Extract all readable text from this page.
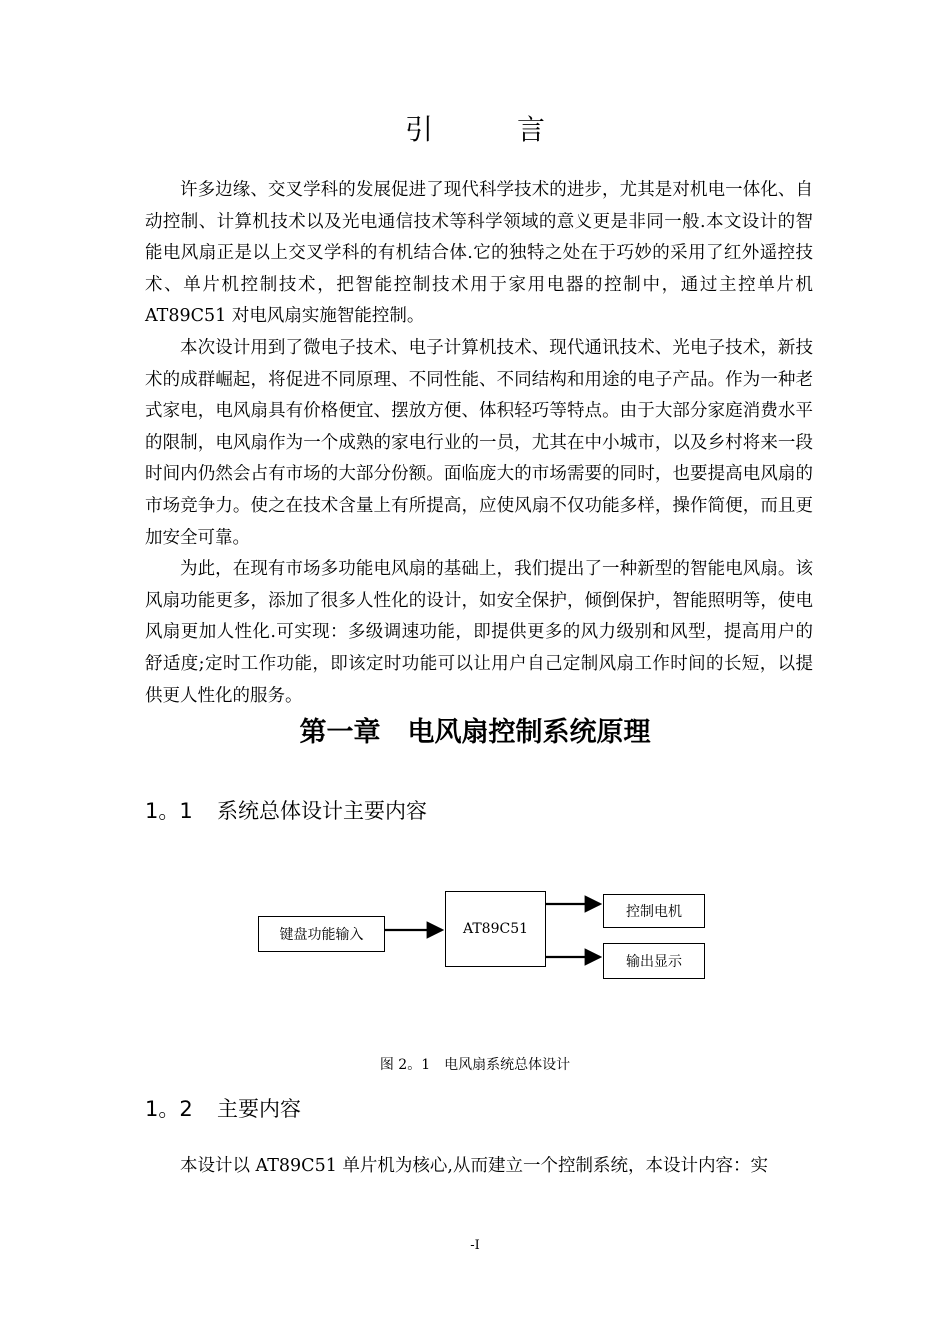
引　言

许多边缘、交叉学科的发展促进了现代科学技术的进步，尤其是对机电一体化、自动控制、计算机技术以及光电通信技术等科学领域的意义更是非同一般.本文设计的智能电风扇正是以上交叉学科的有机结合体.它的独特之处在于巧妙的采用了红外遥控技术、单片机控制技术，把智能控制技术用于家用电器的控制中，通过主控单片机 AT89C51 对电风扇实施智能控制。

本次设计用到了微电子技术、电子计算机技术、现代通讯技术、光电子技术，新技术的成群崛起，将促进不同原理、不同性能、不同结构和用途的电子产品。作为一种老式家电，电风扇具有价格便宜、摆放方便、体积轻巧等特点。由于大部分家庭消费水平的限制，电风扇作为一个成熟的家电行业的一员，尤其在中小城市，以及乡村将来一段时间内仍然会占有市场的大部分份额。面临庞大的市场需要的同时，也要提高电风扇的市场竞争力。使之在技术含量上有所提高，应使风扇不仅功能多样，操作简便，而且更加安全可靠。

为此，在现有市场多功能电风扇的基础上，我们提出了一种新型的智能电风扇。该风扇功能更多，添加了很多人性化的设计，如安全保护，倾倒保护，智能照明等，使电风扇更加人性化.可实现：多级调速功能，即提供更多的风力级别和风型，提高用户的舒适度;定时工作功能，即该定时功能可以让用户自己定制风扇工作时间的长短，以提供更人性化的服务。

第一章　电风扇控制系统原理
1。1 系统总体设计主要内容
键盘功能输入	AT89C51
控制电机
输出显示
图 2。1　电风扇系统总体设计
1。2 主要内容

本设计以 AT89C51 单片机为核心,从而建立一个控制系统，本设计内容：实

-I
